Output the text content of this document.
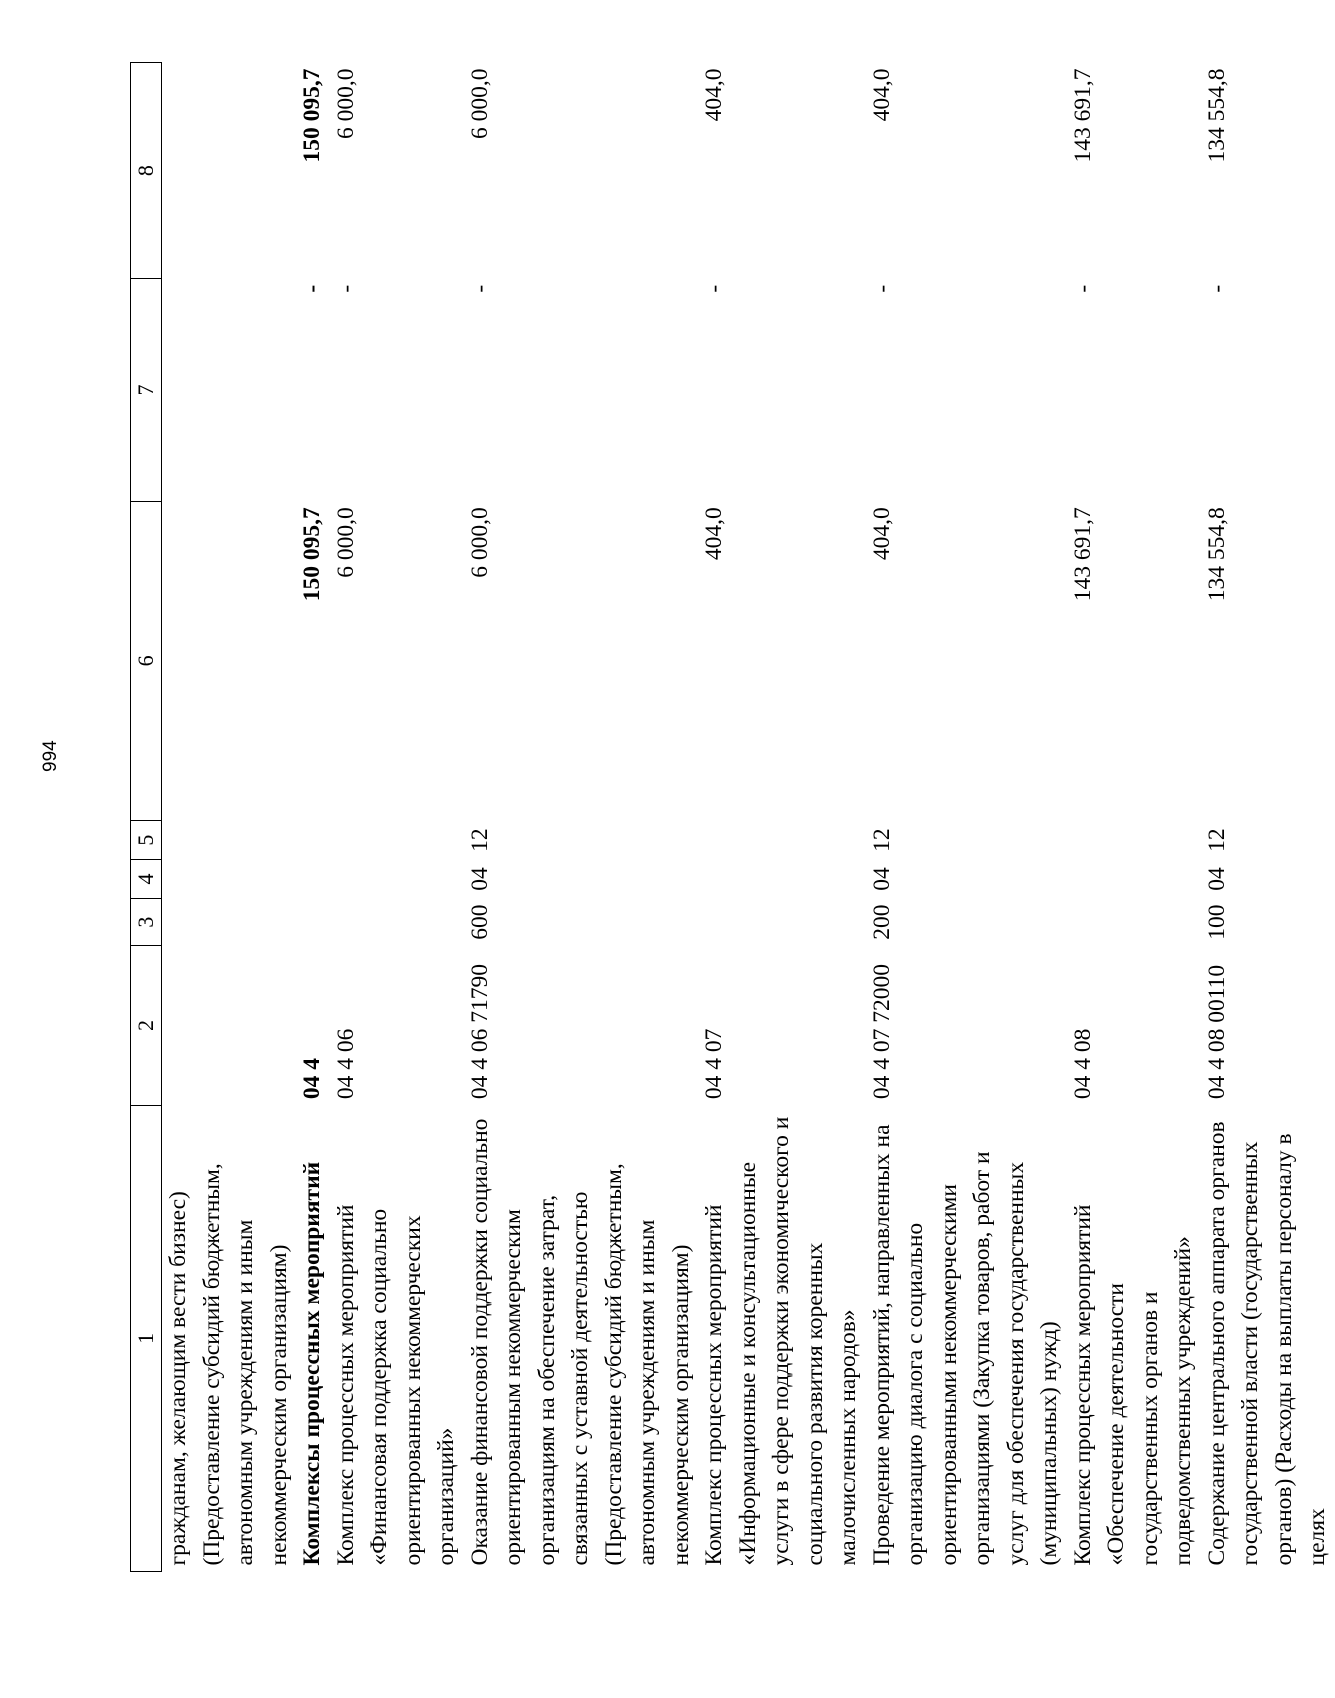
994
1	2	3	4	5	6	7	8
гражданам, желающим вести бизнес) (Предоставление субсидий бюджетным, автономным учреждениям и иным некоммерческим организациям)							
Комплексы процессных мероприятий	04 4				150 095,7	-	150 095,7
Комплекс процессных мероприятий «Финансовая поддержка социально ориентированных некоммерческих организаций»	04 4 06				6 000,0	-	6 000,0
Оказание финансовой поддержки социально ориентированным некоммерческим организациям на обеспечение затрат, связанных с уставной деятельностью (Предоставление субсидий бюджетным, автономным учреждениям и иным некоммерческим организациям)	04 4 06 71790	600	04	12	6 000,0	-	6 000,0
Комплекс процессных мероприятий «Информационные и консультационные услуги в сфере поддержки экономического и социального развития коренных малочисленных народов»	04 4 07				404,0	-	404,0
Проведение мероприятий, направленных на организацию диалога с социально ориентированными некоммерческими организациями (Закупка товаров, работ и услуг для обеспечения государственных (муниципальных) нужд)	04 4 07 72000	200	04	12	404,0	-	404,0
Комплекс процессных мероприятий «Обеспечение деятельности государственных органов и подведомственных учреждений»	04 4 08				143 691,7	-	143 691,7
Содержание центрального аппарата органов государственной власти (государственных органов) (Расходы на выплаты персоналу в целях	04 4 08 00110	100	04	12	134 554,8	-	134 554,8
